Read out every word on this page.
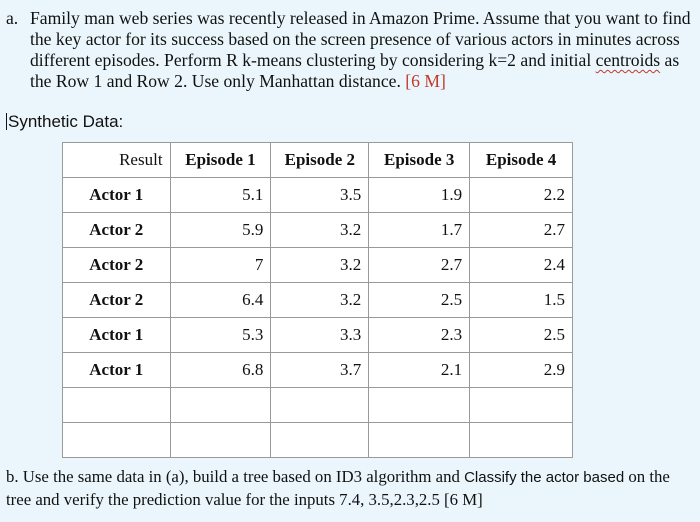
a. Family man web series was recently released in Amazon Prime. Assume that you want to find the key actor for its success based on the screen presence of various actors in minutes across different episodes. Perform R k-means clustering by considering k=2 and initial centroids as the Row 1 and Row 2. Use only Manhattan distance. [6 M]
Synthetic Data:
Result	Episode 1	Episode 2	Episode 3	Episode 4
Actor 1	5.1	3.5	1.9	2.2
Actor 2	5.9	3.2	1.7	2.7
Actor 2	7	3.2	2.7	2.4
Actor 2	6.4	3.2	2.5	1.5
Actor 1	5.3	3.3	2.3	2.5
Actor 1	6.8	3.7	2.1	2.9

b. Use the same data in (a), build a tree based on ID3 algorithm and Classify the actor based on the tree and verify the prediction value for the inputs 7.4, 3.5,2.3,2.5 [6 M]
